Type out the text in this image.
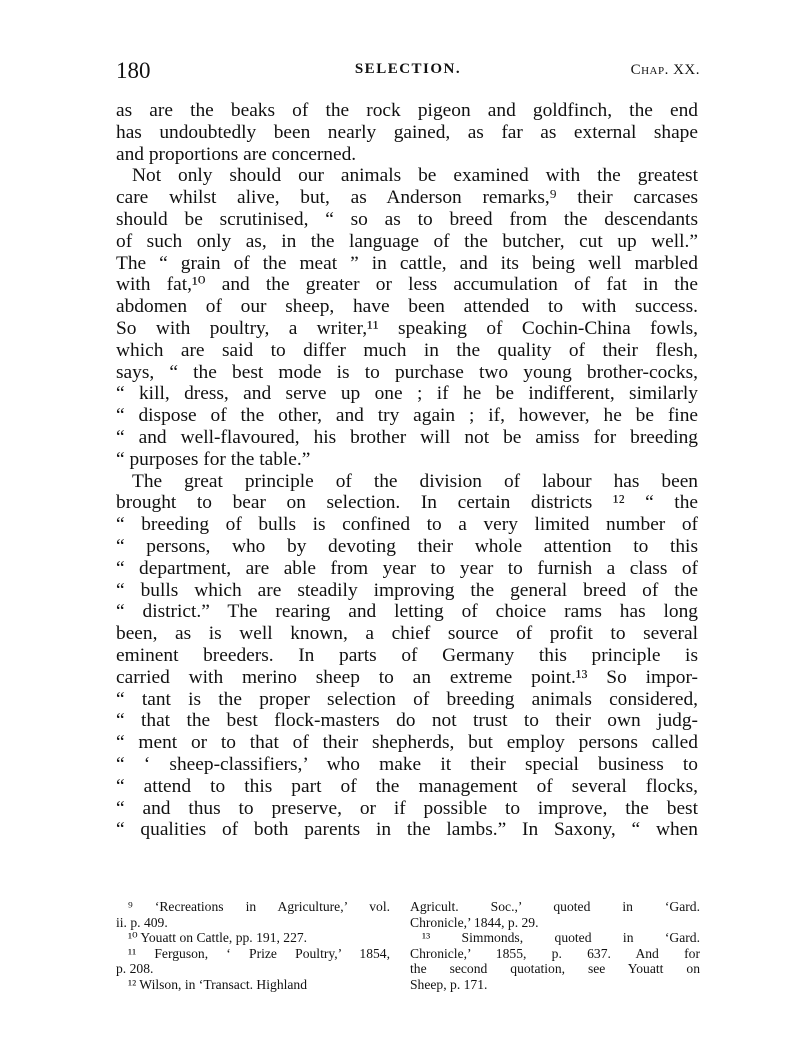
180	SELECTION.	Chap. XX.
as are the beaks of the rock pigeon and goldfinch, the end
has undoubtedly been nearly gained, as far as external shape
and proportions are concerned.
Not only should our animals be examined with the greatest
care whilst alive, but, as Anderson remarks,⁹ their carcases
should be scrutinised, “ so as to breed from the descendants
of such only as, in the language of the butcher, cut up well.”
The “ grain of the meat ” in cattle, and its being well marbled
with fat,¹⁰ and the greater or less accumulation of fat in the
abdomen of our sheep, have been attended to with success.
So with poultry, a writer,¹¹ speaking of Cochin-China fowls,
which are said to differ much in the quality of their flesh,
says, “ the best mode is to purchase two young brother-cocks,
“ kill, dress, and serve up one ; if he be indifferent, similarly
“ dispose of the other, and try again ; if, however, he be fine
“ and well-flavoured, his brother will not be amiss for breeding
“ purposes for the table.”
The great principle of the division of labour has been
brought to bear on selection. In certain districts ¹² “ the
“ breeding of bulls is confined to a very limited number of
“ persons, who by devoting their whole attention to this
“ department, are able from year to year to furnish a class of
“ bulls which are steadily improving the general breed of the
“ district.” The rearing and letting of choice rams has long
been, as is well known, a chief source of profit to several
eminent breeders. In parts of Germany this principle is
carried with merino sheep to an extreme point.¹³ So impor-
“ tant is the proper selection of breeding animals considered,
“ that the best flock-masters do not trust to their own judg-
“ ment or to that of their shepherds, but employ persons called
“ ‘ sheep-classifiers,’ who make it their special business to
“ attend to this part of the management of several flocks,
“ and thus to preserve, or if possible to improve, the best
“ qualities of both parents in the lambs.” In Saxony, “ when
⁹ ‘Recreations in Agriculture,’ vol.
ii. p. 409.
¹⁰ Youatt on Cattle, pp. 191, 227.
¹¹ Ferguson, ‘ Prize Poultry,’ 1854,
p. 208.
¹² Wilson, in ‘Transact. Highland
Agricult. Soc.,’ quoted in ‘Gard.
Chronicle,’ 1844, p. 29.
¹³ Simmonds, quoted in ‘Gard.
Chronicle,’ 1855, p. 637. And for
the second quotation, see Youatt on
Sheep, p. 171.
